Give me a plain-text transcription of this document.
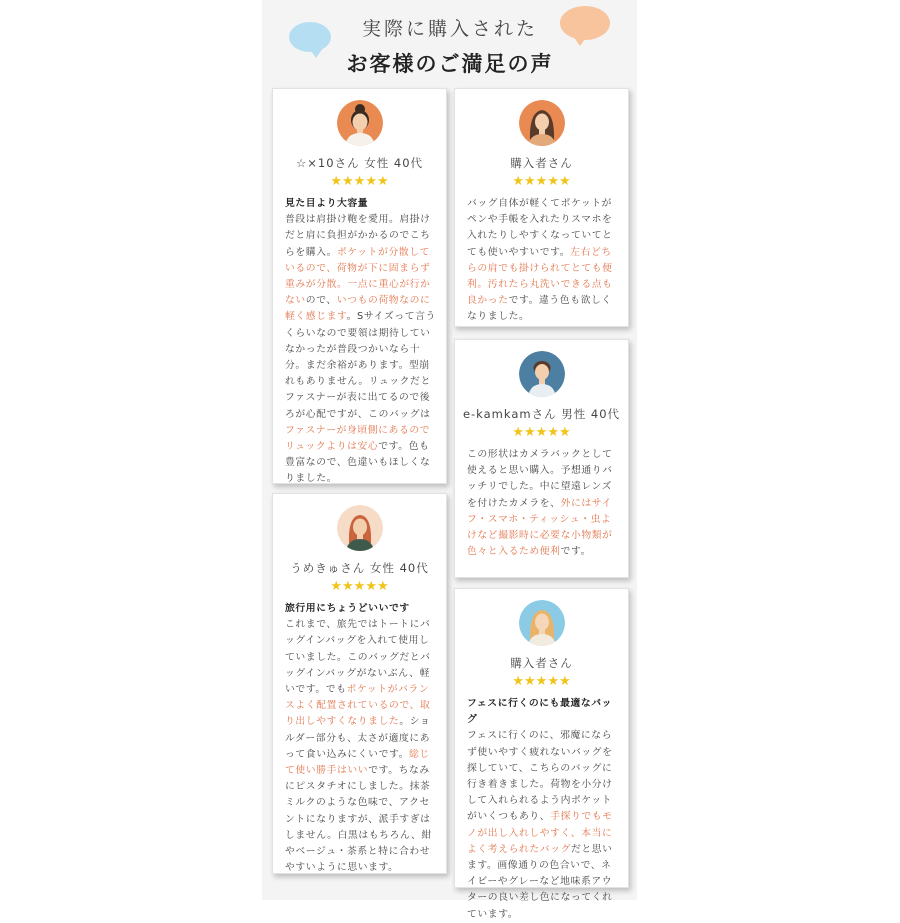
実際に購入された
お客様のご満足の声
☆×10さん 女性 40代
★★★★★
見た目より大容量
普段は肩掛け鞄を愛用。肩掛けだと肩に負担がかかるのでこちらを購入。ポケットが分散しているので、荷物が下に固まらず重みが分散。一点に重心が行かないので、いつもの荷物なのに軽く感じます。Sサイズって言うくらいなので要領は期待していなかったが普段つかいなら十分。まだ余裕があります。型崩れもありません。リュックだとファスナーが表に出てるので後ろが心配ですが、このバッグはファスナーが身頃側にあるのでリュックよりは安心です。色も豊富なので、色違いもほしくなりました。
購入者さん
★★★★★
バッグ自体が軽くてポケットがペンや手帳を入れたりスマホを入れたりしやすくなっていてとても使いやすいです。左右どちらの肩でも掛けられてとても便利。汚れたら丸洗いできる点も良かったです。違う色も欲しくなりました。
e-kamkamさん 男性 40代
★★★★★
この形状はカメラバックとして使えると思い購入。予想通りバッチリでした。中に望遠レンズを付けたカメラを、外にはサイフ・スマホ・ティッシュ・虫よけなど撮影時に必要な小物類が色々と入るため便利です。
うめきゅさん 女性 40代
★★★★★
旅行用にちょうどいいです
これまで、旅先ではトートにバッグインバッグを入れて使用していました。このバッグだとバッグインバッグがないぶん、軽いです。でもポケットがバランスよく配置されているので、取り出しやすくなりました。ショルダー部分も、太さが適度にあって食い込みにくいです。総じて使い勝手はいいです。ちなみにピスタチオにしました。抹茶ミルクのような色味で、アクセントになりますが、派手すぎはしません。白黒はもちろん、紺やベージュ・茶系と特に合わせやすいように思います。
購入者さん
★★★★★
フェスに行くのにも最適なバッグ
フェスに行くのに、邪魔にならず使いやすく疲れないバッグを探していて、こちらのバッグに行き着きました。荷物を小分けして入れられるよう内ポケットがいくつもあり、手探りでもモノが出し入れしやすく、本当によく考えられたバッグだと思います。画像通りの色合いで、ネイビーやグレーなど地味系アウターの良い差し色になってくれています。
